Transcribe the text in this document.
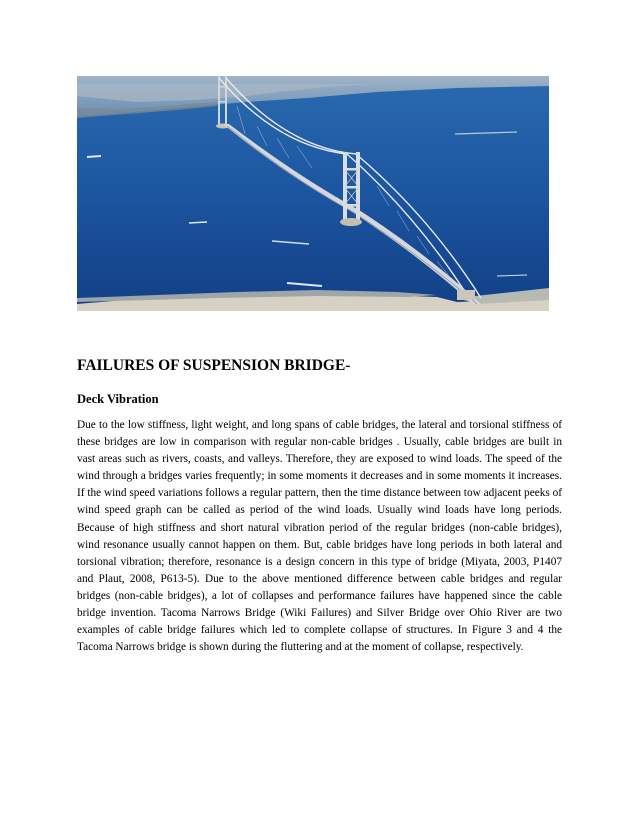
FAILURES OF SUSPENSION BRIDGE-
Deck Vibration

Due to the low stiffness, light weight, and long spans of cable bridges, the lateral and torsional stiffness of these bridges are low in comparison with regular non-cable bridges . Usually, cable bridges are built in vast areas such as rivers, coasts, and valleys. Therefore, they are exposed to wind loads. The speed of the wind through a bridges varies frequently; in some moments it decreases and in some moments it increases. If the wind speed variations follows a regular pattern, then the time distance between tow adjacent peeks of wind speed graph can be called as period of the wind loads. Usually wind loads have long periods. Because of high stiffness and short natural vibration period of the regular bridges (non-cable bridges), wind resonance usually cannot happen on them. But, cable bridges have long periods in both lateral and torsional vibration; therefore, resonance is a design concern in this type of bridge (Miyata, 2003, P1407 and Plaut, 2008, P613-5). Due to the above mentioned difference between cable bridges and regular bridges (non-cable bridges), a lot of collapses and performance failures have happened since the cable bridge invention. Tacoma Narrows Bridge (Wiki Failures) and Silver Bridge over Ohio River are two examples of cable bridge failures which led to complete collapse of structures. In Figure 3 and 4 the Tacoma Narrows bridge is shown during the fluttering and at the moment of collapse, respectively.
